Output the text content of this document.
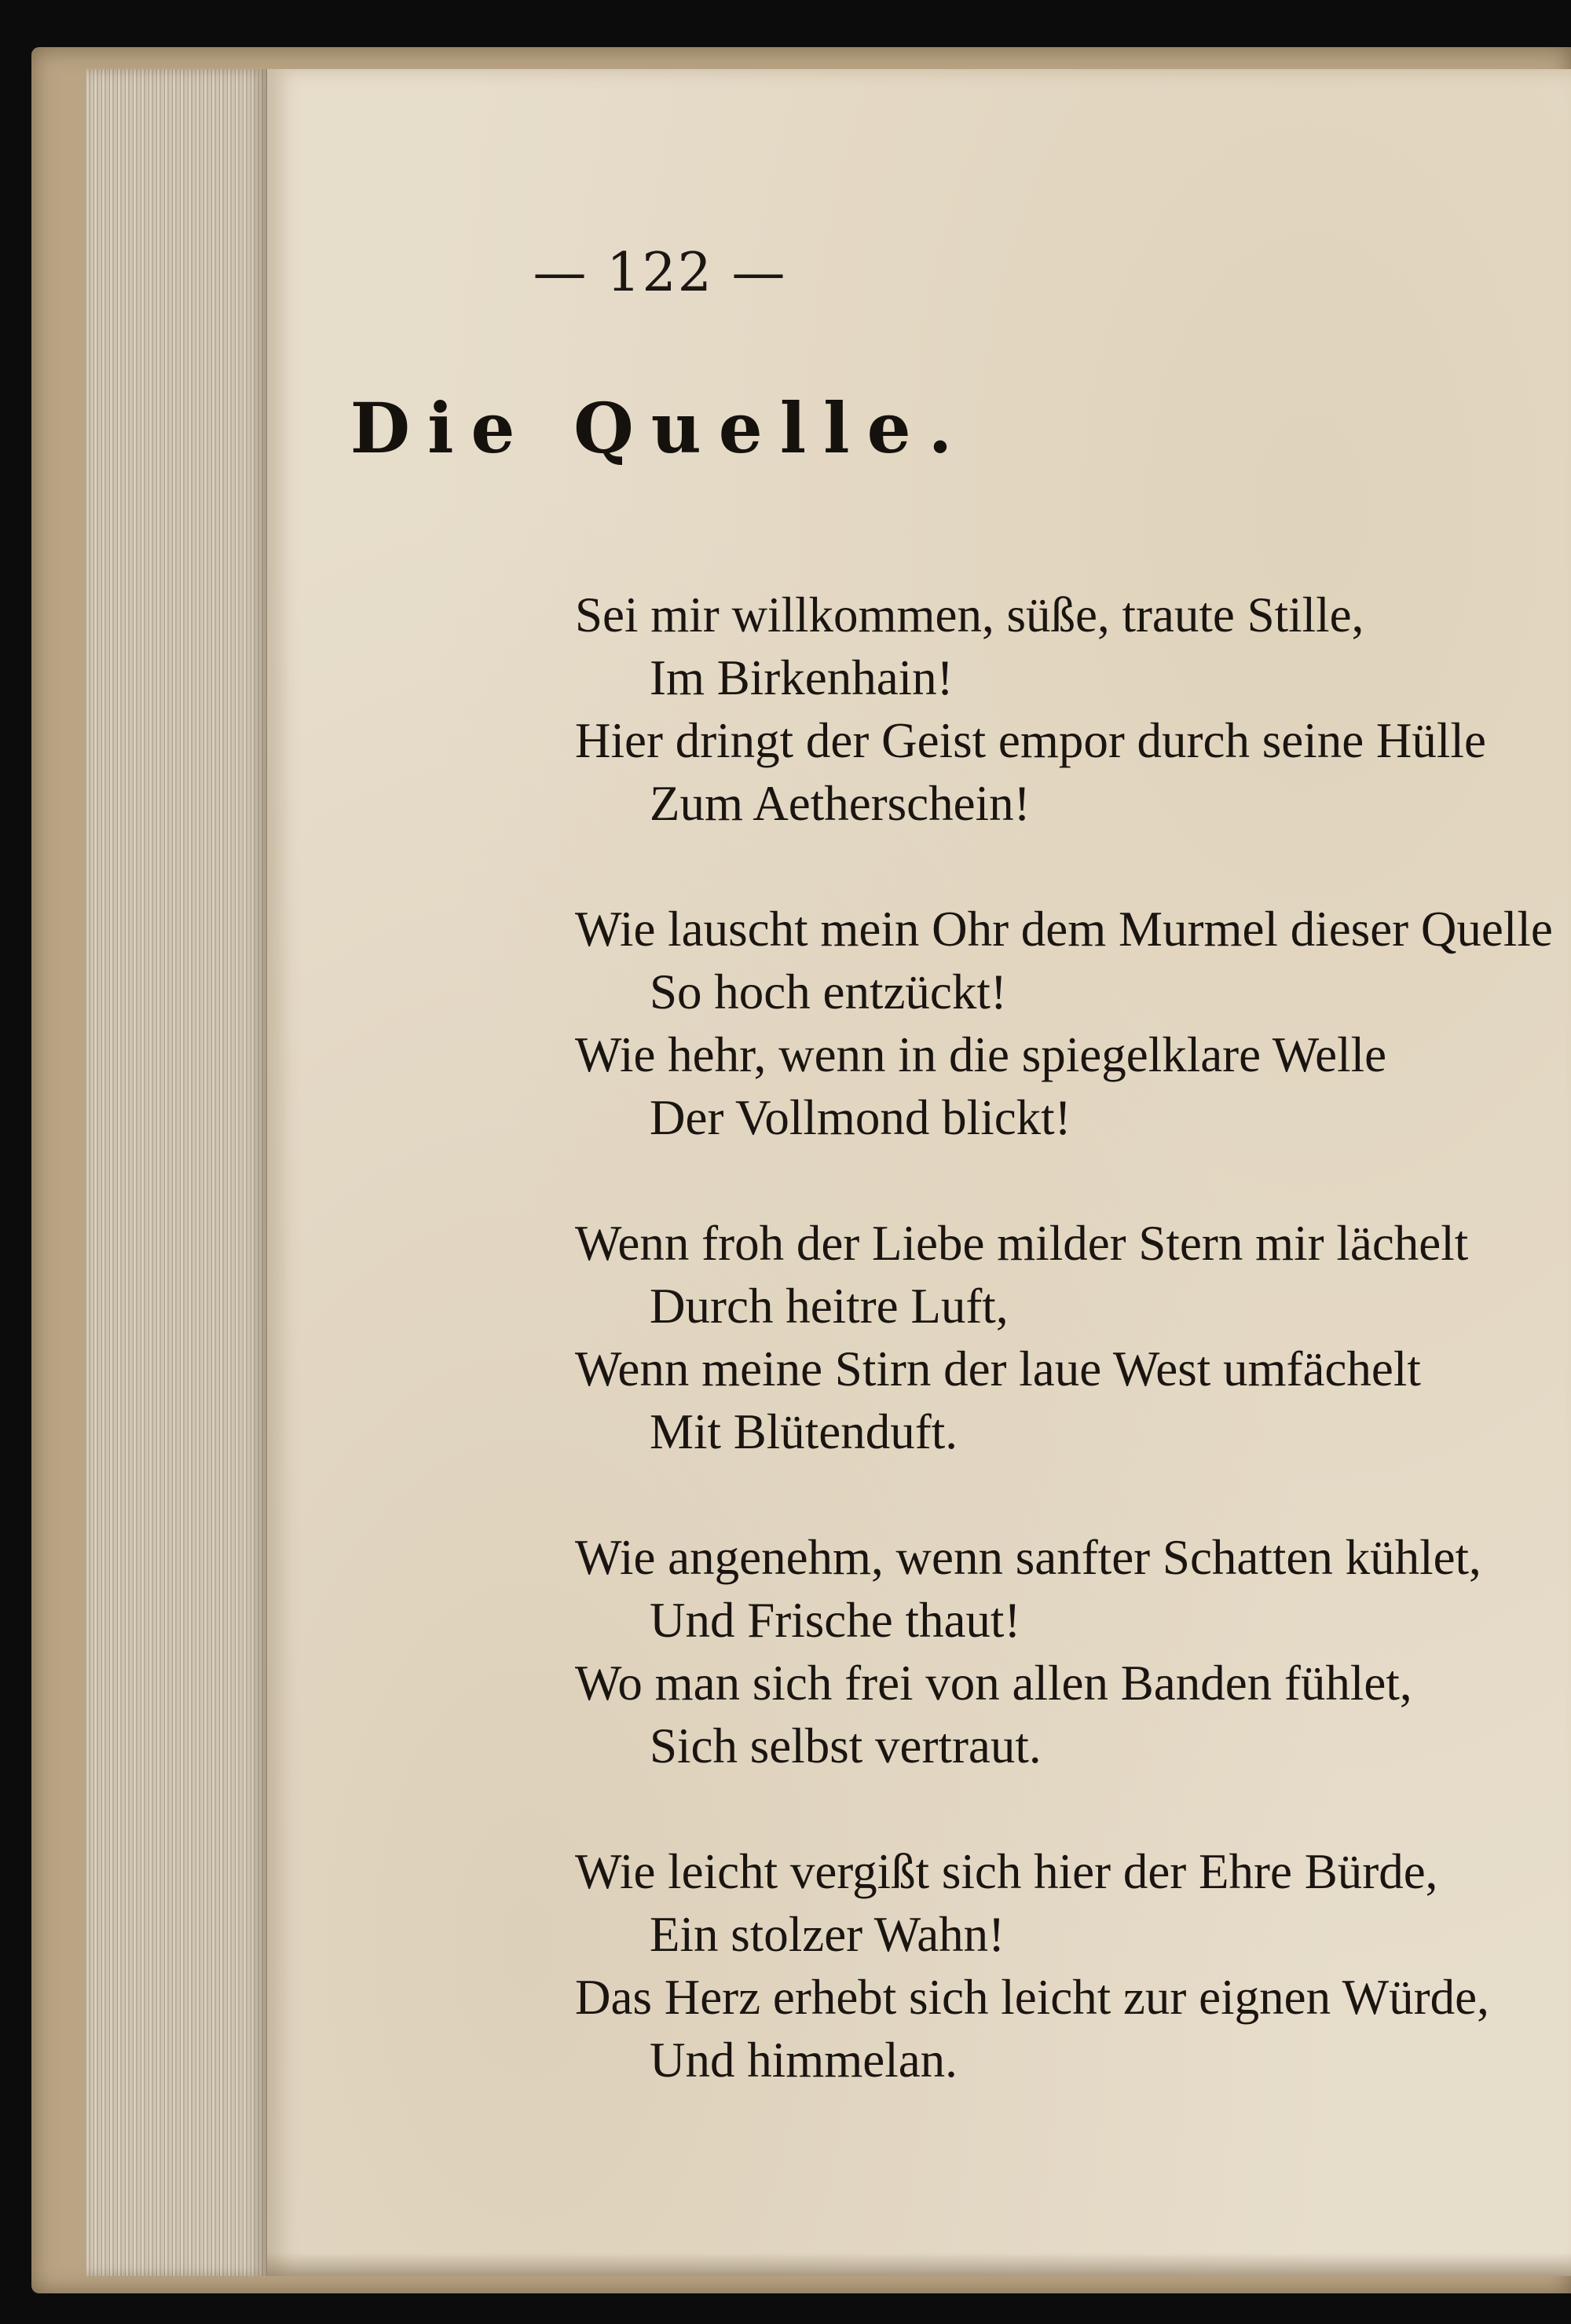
— 122 —
Die Quelle.
Sei mir willkommen, süße, traute Stille,
Im Birkenhain!
Hier dringt der Geist empor durch seine Hülle
Zum Aetherschein!
Wie lauscht mein Ohr dem Murmel dieser Quelle
So hoch entzückt!
Wie hehr, wenn in die spiegelklare Welle
Der Vollmond blickt!
Wenn froh der Liebe milder Stern mir lächelt
Durch heitre Luft,
Wenn meine Stirn der laue West umfächelt
Mit Blütenduft.
Wie angenehm, wenn sanfter Schatten kühlet,
Und Frische thaut!
Wo man sich frei von allen Banden fühlet,
Sich selbst vertraut.
Wie leicht vergißt sich hier der Ehre Bürde,
Ein stolzer Wahn!
Das Herz erhebt sich leicht zur eignen Würde,
Und himmelan.
